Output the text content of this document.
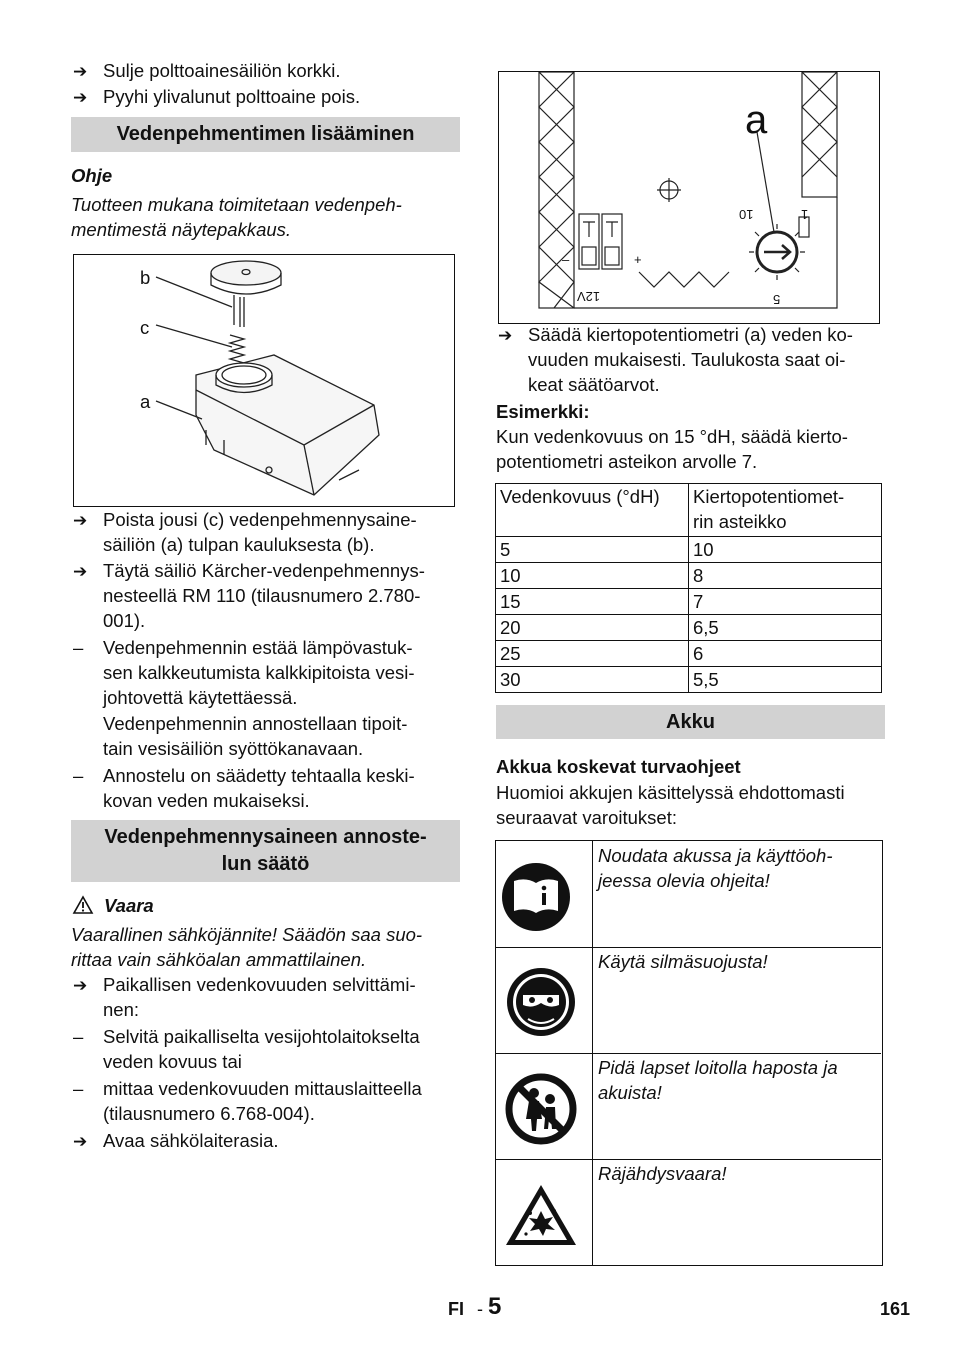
➔ Sulje polttoainesäiliön korkki.
➔ Pyyhi ylivalunut polttoaine pois.
Vedenpehmentimen lisääminen
Ohje
Tuotteen mukana toimitetaan vedenpeh-
mentimestä näytepakkaus.
b
c
a
➔ Poista jousi (c) vedenpehmennysaine-
säiliön (a) tulpan kauluksesta (b).
➔ Täytä säiliö Kärcher-vedenpehmennys-
nesteellä RM 110 (tilausnumero 2.780-
001).
– Vedenpehmennin estää lämpövastuk-
sen kalkkeutumista kalkkipitoista vesi-
johtovettä käytettäessä.
Vedenpehmennin annostellaan tipoit-
tain vesisäiliön syöttökanavaan.
– Annostelu on säädetty tehtaalla keski-
kovan veden mukaiseksi.
Vedenpehmennysaineen annoste-
lun säätö
Vaara
Vaarallinen sähköjännite! Säädön saa suo-
rittaa vain sähköalan ammattilainen.
➔ Paikallisen vedenkovuuden selvittämi-
nen:
– Selvitä paikalliselta vesijohtolaitokselta
veden kovuus tai
– mittaa vedenkovuuden mittauslaitteella
(tilausnumero 6.768-004).
➔ Avaa sähkölaiterasia.
a
10	1
5
12V
+
–
➔ Säädä kiertopotentiometri (a) veden ko-
vuuden mukaisesti. Taulukosta saat oi-
keat säätöarvot.
Esimerkki:
Kun vedenkovuus on 15 °dH, säädä kierto-
potentiometri asteikon arvolle 7.
Vedenkovuus (°dH)	Kiertopotentiomet-
rin asteikko

5	10
10	8
15	7
20	6,5
25	6
30	5,5
Akku
Akkua koskevat turvaohjeet
Huomioi akkujen käsittelyssä ehdottomasti
seuraavat varoitukset:
Noudata akussa ja käyttöoh-
jeessa olevia ohjeita!
Käytä silmäsuojusta!
Pidä lapset loitolla haposta ja
akuista!
Räjähdysvaara!
FI - 5	161
